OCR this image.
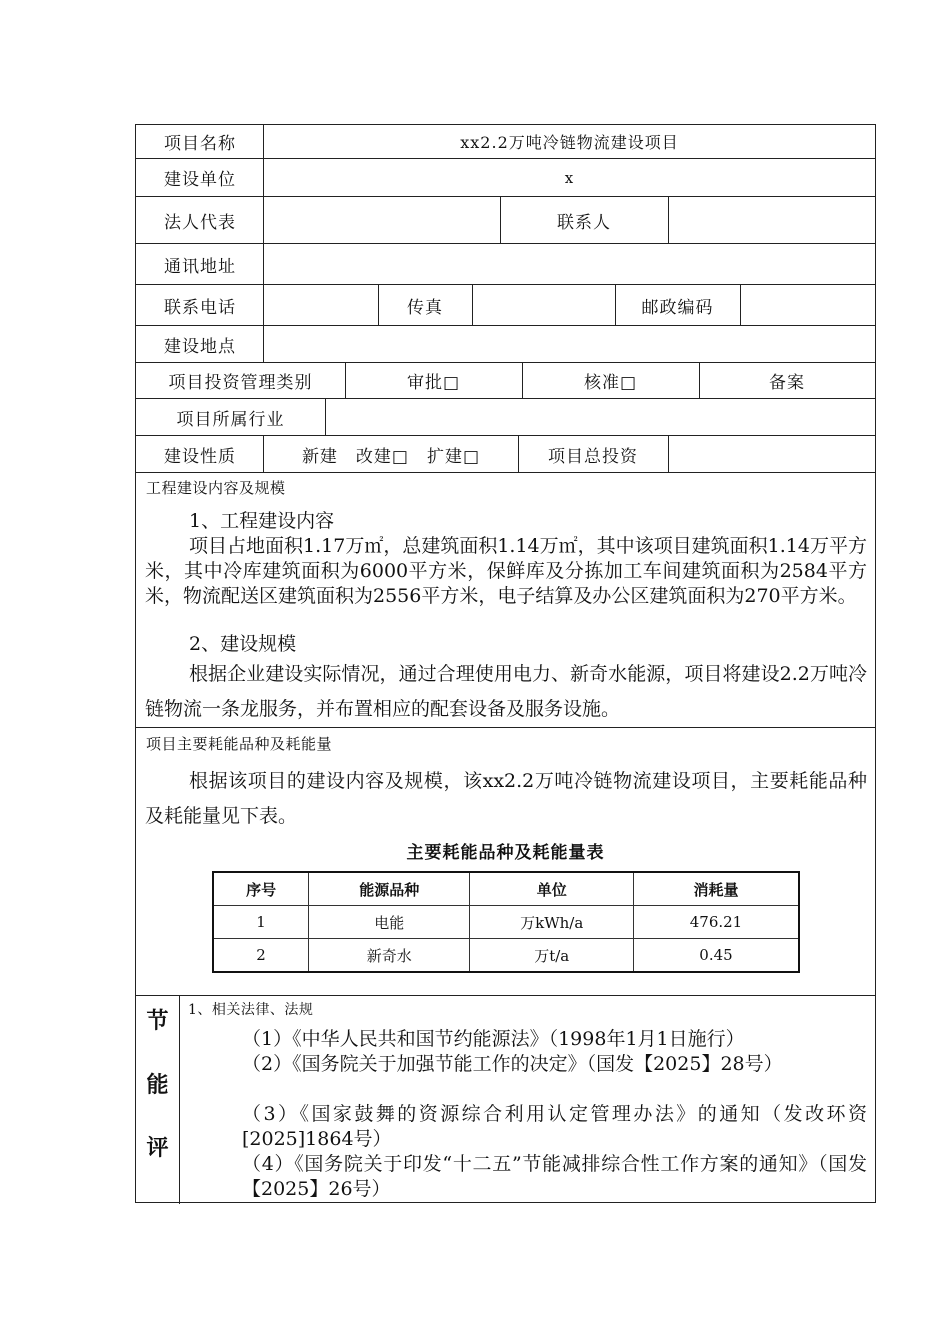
项目名称	xx2.2万吨冷链物流建设项目
建设单位	x
法人代表	联系人
通讯地址
联系电话	传真	邮政编码
建设地点
项目投资管理类别	审批□	核准□	备案
项目所属行业
建设性质	新建　改建□　扩建□	项目总投资
工程建设内容及规模
1、工程建设内容
项目占地面积1.17万㎡，总建筑面积1.14万㎡，其中该项目建筑面积1.14万平方米，其中冷库建筑面积为6000平方米，保鲜库及分拣加工车间建筑面积为2584平方米，物流配送区建筑面积为2556平方米，电子结算及办公区建筑面积为270平方米。
2、建设规模
根据企业建设实际情况，通过合理使用电力、新奇水能源，项目将建设2.2万吨冷链物流一条龙服务，并布置相应的配套设备及服务设施。
项目主要耗能品种及耗能量
根据该项目的建设内容及规模，该xx2.2万吨冷链物流建设项目，主要耗能品种及耗能量见下表。
主要耗能品种及耗能量表
序号	能源品种	单位	消耗量
1	电能	万kWh/a	476.21
2	新奇水	万t/a	0.45
节
能
评
1、相关法律、法规
（1）《中华人民共和国节约能源法》（1998年1月1日施行）
（2）《国务院关于加强节能工作的决定》（国发【2025】28号）
（3）《国家鼓舞的资源综合利用认定管理办法》的通知（发改环资[2025]1864号）
（4）《国务院关于印发“十二五”节能减排综合性工作方案的通知》（国发【2025】26号）
